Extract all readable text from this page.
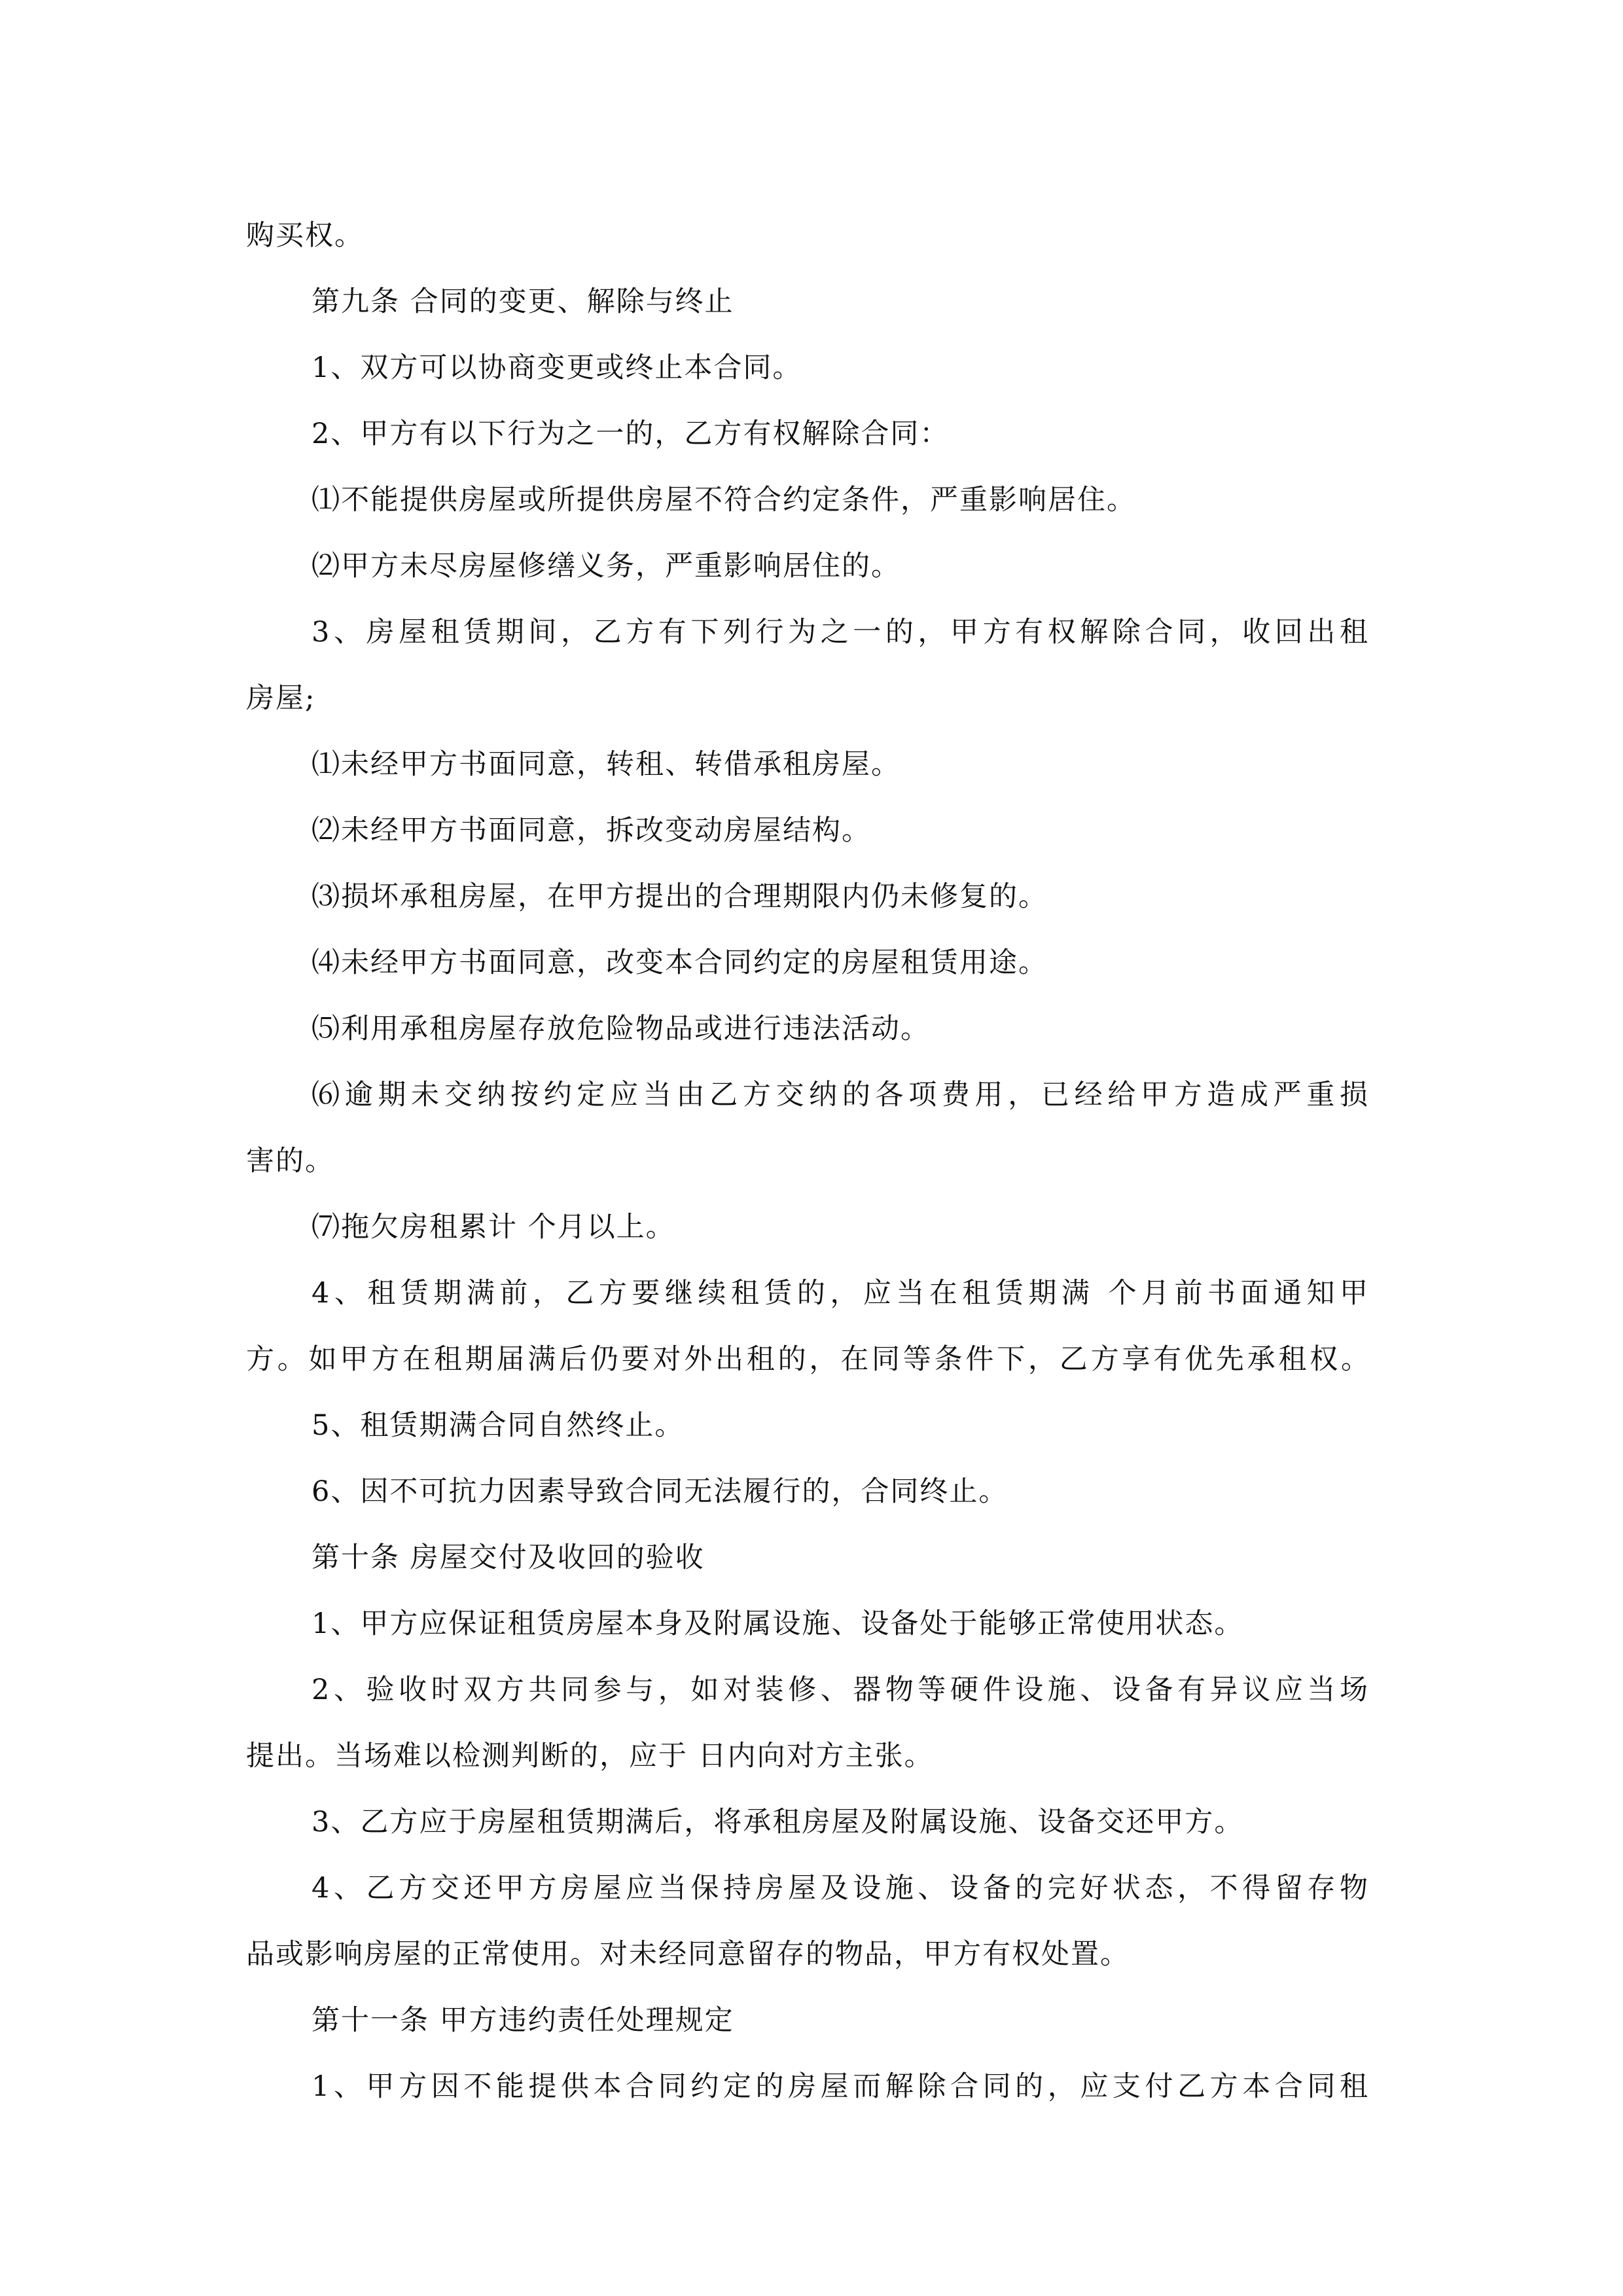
购买权。
第九条 合同的变更、解除与终止
1、双方可以协商变更或终止本合同。
2、甲方有以下行为之一的，乙方有权解除合同：
⑴不能提供房屋或所提供房屋不符合约定条件，严重影响居住。
⑵甲方未尽房屋修缮义务，严重影响居住的。
3、房屋租赁期间，乙方有下列行为之一的，甲方有权解除合同，收回出租
房屋;
⑴未经甲方书面同意，转租、转借承租房屋。
⑵未经甲方书面同意，拆改变动房屋结构。
⑶损坏承租房屋，在甲方提出的合理期限内仍未修复的。
⑷未经甲方书面同意，改变本合同约定的房屋租赁用途。
⑸利用承租房屋存放危险物品或进行违法活动。
⑹逾期未交纳按约定应当由乙方交纳的各项费用，已经给甲方造成严重损
害的。
⑺拖欠房租累计 个月以上。
4、租赁期满前，乙方要继续租赁的，应当在租赁期满 个月前书面通知甲
方。如甲方在租期届满后仍要对外出租的，在同等条件下，乙方享有优先承租权。
5、租赁期满合同自然终止。
6、因不可抗力因素导致合同无法履行的，合同终止。
第十条 房屋交付及收回的验收
1、甲方应保证租赁房屋本身及附属设施、设备处于能够正常使用状态。
2、验收时双方共同参与，如对装修、器物等硬件设施、设备有异议应当场
提出。当场难以检测判断的，应于 日内向对方主张。
3、乙方应于房屋租赁期满后，将承租房屋及附属设施、设备交还甲方。
4、乙方交还甲方房屋应当保持房屋及设施、设备的完好状态，不得留存物
品或影响房屋的正常使用。对未经同意留存的物品，甲方有权处置。
第十一条 甲方违约责任处理规定
1、甲方因不能提供本合同约定的房屋而解除合同的，应支付乙方本合同租
